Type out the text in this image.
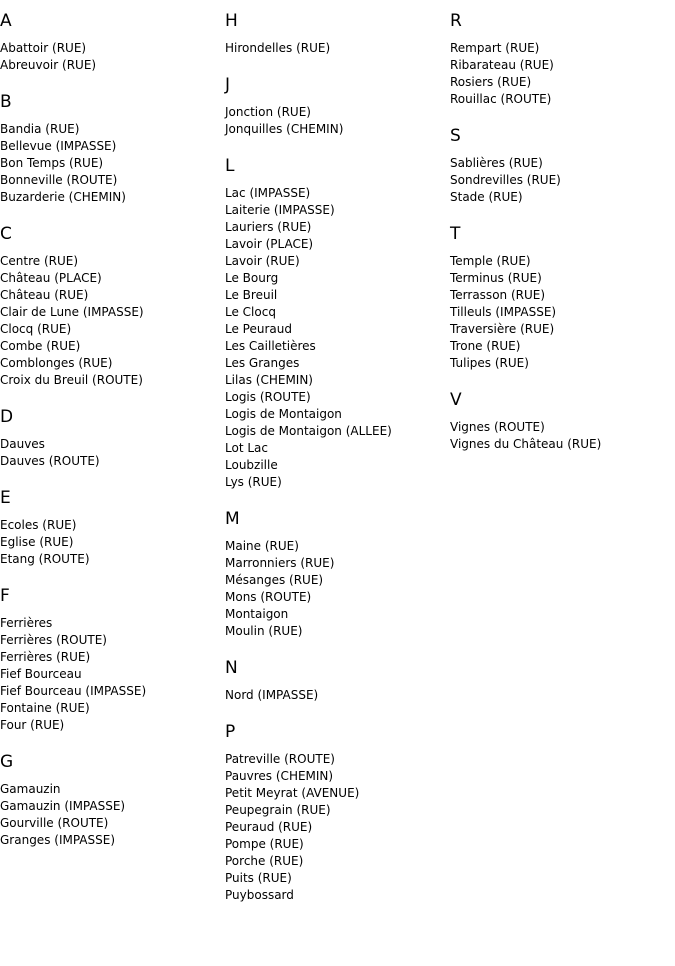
A
Abattoir (RUE)
Abreuvoir (RUE)
B
Bandia (RUE)
Bellevue (IMPASSE)
Bon Temps (RUE)
Bonneville (ROUTE)
Buzarderie (CHEMIN)
C
Centre (RUE)
Château (PLACE)
Château (RUE)
Clair de Lune (IMPASSE)
Clocq (RUE)
Combe (RUE)
Comblonges (RUE)
Croix du Breuil (ROUTE)
D
Dauves
Dauves (ROUTE)
E
Ecoles (RUE)
Eglise (RUE)
Etang (ROUTE)
F
Ferrières
Ferrières (ROUTE)
Ferrières (RUE)
Fief Bourceau
Fief Bourceau (IMPASSE)
Fontaine (RUE)
Four (RUE)
G
Gamauzin
Gamauzin (IMPASSE)
Gourville (ROUTE)
Granges (IMPASSE)
H
Hirondelles (RUE)
J
Jonction (RUE)
Jonquilles (CHEMIN)
L
Lac (IMPASSE)
Laiterie (IMPASSE)
Lauriers (RUE)
Lavoir (PLACE)
Lavoir (RUE)
Le Bourg
Le Breuil
Le Clocq
Le Peuraud
Les Cailletières
Les Granges
Lilas (CHEMIN)
Logis (ROUTE)
Logis de Montaigon
Logis de Montaigon (ALLEE)
Lot Lac
Loubzille
Lys (RUE)
M
Maine (RUE)
Marronniers (RUE)
Mésanges (RUE)
Mons (ROUTE)
Montaigon
Moulin (RUE)
N
Nord (IMPASSE)
P
Patreville (ROUTE)
Pauvres (CHEMIN)
Petit Meyrat (AVENUE)
Peupegrain (RUE)
Peuraud (RUE)
Pompe (RUE)
Porche (RUE)
Puits (RUE)
Puybossard
R
Rempart (RUE)
Ribarateau (RUE)
Rosiers (RUE)
Rouillac (ROUTE)
S
Sablières (RUE)
Sondrevilles (RUE)
Stade (RUE)
T
Temple (RUE)
Terminus (RUE)
Terrasson (RUE)
Tilleuls (IMPASSE)
Traversière (RUE)
Trone (RUE)
Tulipes (RUE)
V
Vignes (ROUTE)
Vignes du Château (RUE)
